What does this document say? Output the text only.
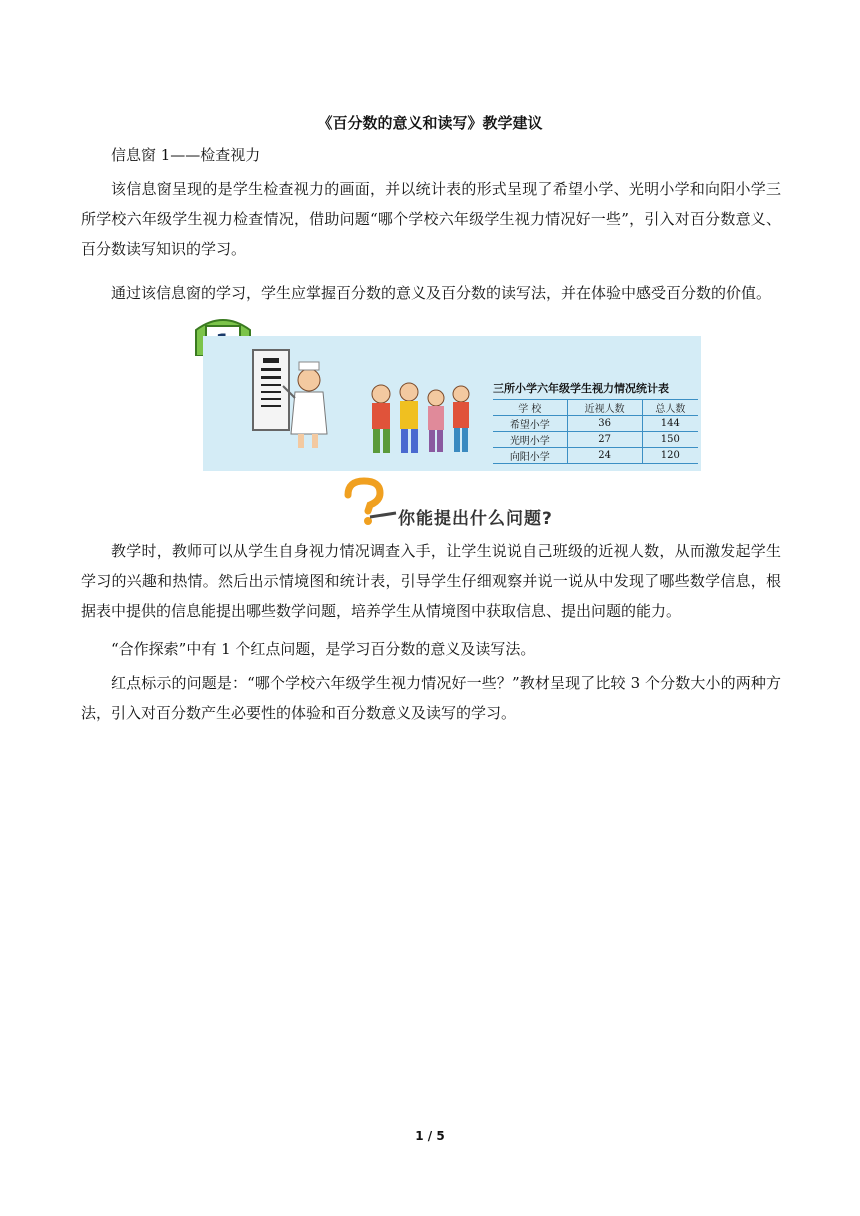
《百分数的意义和读写》教学建议
信息窗 1——检查视力

该信息窗呈现的是学生检查视力的画面，并以统计表的形式呈现了希望小学、光明小学和向阳小学三所学校六年级学生视力检查情况，借助问题“哪个学校六年级学生视力情况好一些”，引入对百分数意义、百分数读写知识的学习。

通过该信息窗的学习，学生应掌握百分数的意义及百分数的读写法，并在体验中感受百分数的价值。

三所小学六年级学生视力情况统计表
学 校	近视人数	总人数
希望小学	36	144
光明小学	27	150
向阳小学	24	120
你能提出什么问题?

教学时，教师可以从学生自身视力情况调查入手，让学生说说自己班级的近视人数，从而激发起学生学习的兴趣和热情。然后出示情境图和统计表，引导学生仔细观察并说一说从中发现了哪些数学信息，根据表中提供的信息能提出哪些数学问题，培养学生从情境图中获取信息、提出问题的能力。

“合作探索”中有 1 个红点问题，是学习百分数的意义及读写法。

红点标示的问题是：“哪个学校六年级学生视力情况好一些？”教材呈现了比较 3 个分数大小的两种方法，引入对百分数产生必要性的体验和百分数意义及读写的学习。

1 / 5
